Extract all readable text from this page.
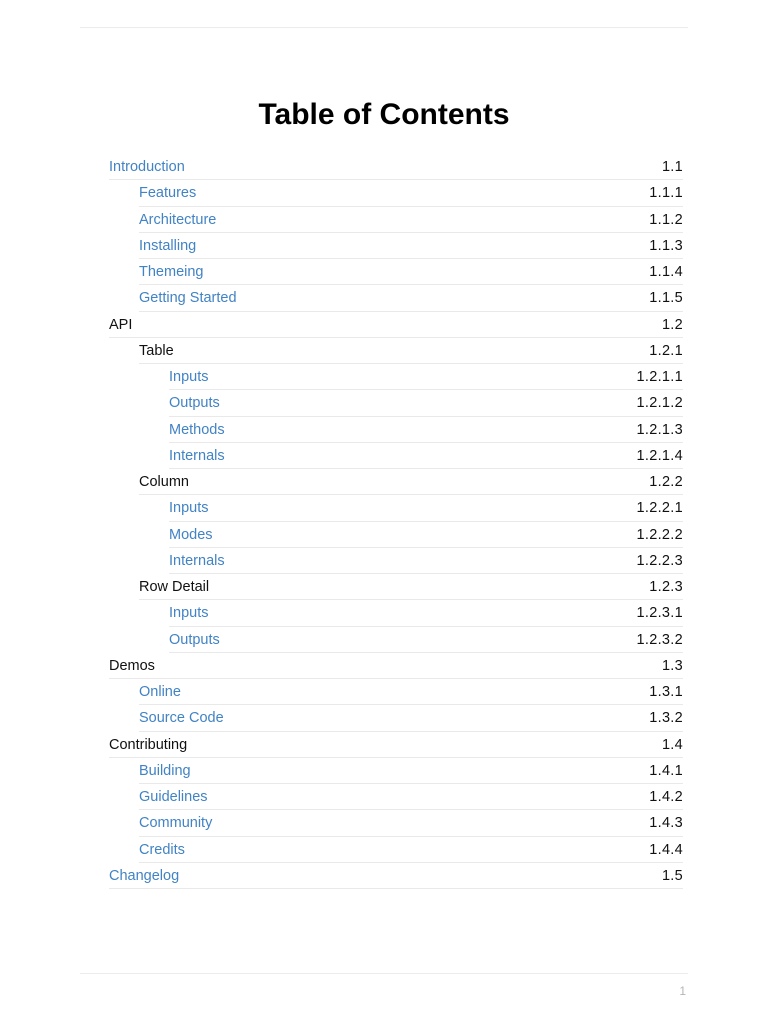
Table of Contents
Introduction	1.1
Features	1.1.1
Architecture	1.1.2
Installing	1.1.3
Themeing	1.1.4
Getting Started	1.1.5
API	1.2
Table	1.2.1
Inputs	1.2.1.1
Outputs	1.2.1.2
Methods	1.2.1.3
Internals	1.2.1.4
Column	1.2.2
Inputs	1.2.2.1
Modes	1.2.2.2
Internals	1.2.2.3
Row Detail	1.2.3
Inputs	1.2.3.1
Outputs	1.2.3.2
Demos	1.3
Online	1.3.1
Source Code	1.3.2
Contributing	1.4
Building	1.4.1
Guidelines	1.4.2
Community	1.4.3
Credits	1.4.4
Changelog	1.5
1
